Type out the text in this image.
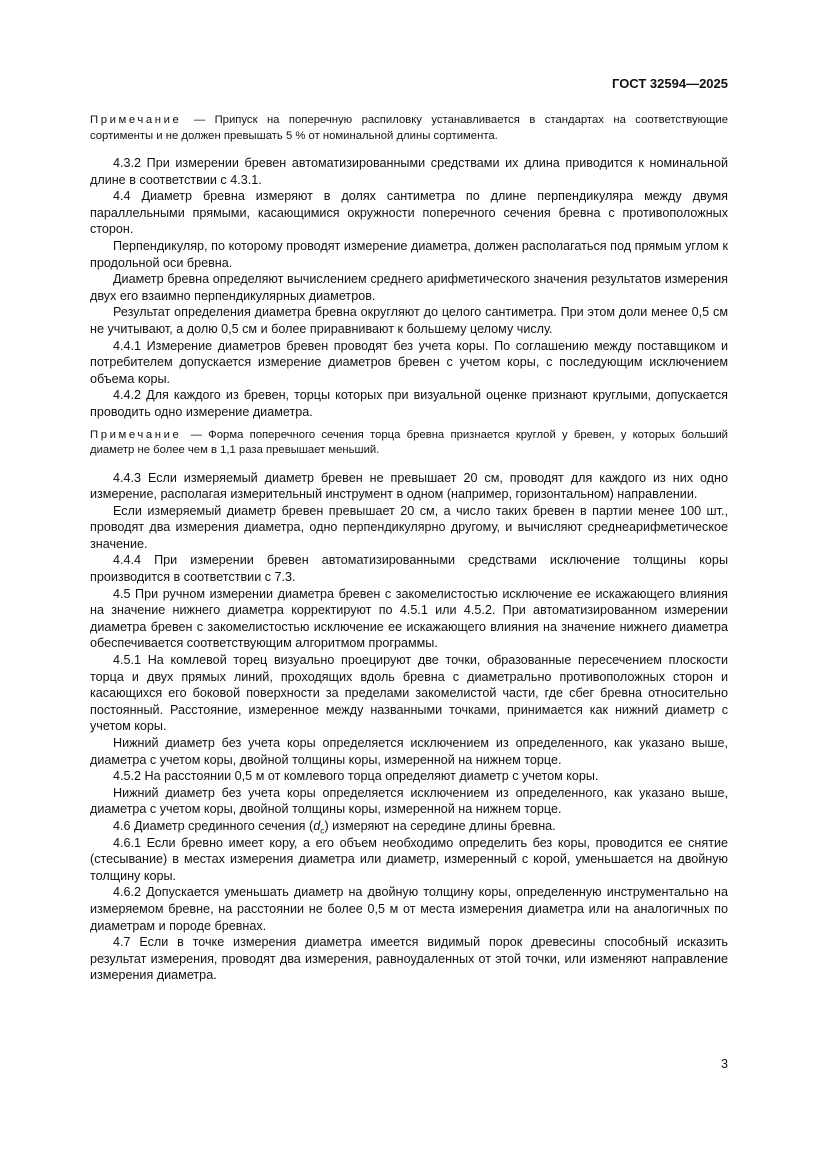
ГОСТ 32594—2025

Примечание — Припуск на поперечную распиловку устанавливается в стандартах на соответствующие сортименты и не должен превышать 5 % от номинальной длины сортимента.

4.3.2 При измерении бревен автоматизированными средствами их длина приводится к номинальной длине в соответствии с 4.3.1.

4.4 Диаметр бревна измеряют в долях сантиметра по длине перпендикуляра между двумя параллельными прямыми, касающимися окружности поперечного сечения бревна с противоположных сторон.

Перпендикуляр, по которому проводят измерение диаметра, должен располагаться под прямым углом к продольной оси бревна.

Диаметр бревна определяют вычислением среднего арифметического значения результатов измерения двух его взаимно перпендикулярных диаметров.

Результат определения диаметра бревна округляют до целого сантиметра. При этом доли менее 0,5 см не учитывают, а долю 0,5 см и более приравнивают к большему целому числу.

4.4.1 Измерение диаметров бревен проводят без учета коры. По соглашению между поставщиком и потребителем допускается измерение диаметров бревен с учетом коры, с последующим исключением объема коры.

4.4.2 Для каждого из бревен, торцы которых при визуальной оценке признают круглыми, допускается проводить одно измерение диаметра.

Примечание — Форма поперечного сечения торца бревна признается круглой у бревен, у которых больший диаметр не более чем в 1,1 раза превышает меньший.

4.4.3 Если измеряемый диаметр бревен не превышает 20 см, проводят для каждого из них одно измерение, располагая измерительный инструмент в одном (например, горизонтальном) направлении.

Если измеряемый диаметр бревен превышает 20 см, а число таких бревен в партии менее 100 шт., проводят два измерения диаметра, одно перпендикулярно другому, и вычисляют среднеарифметическое значение.

4.4.4 При измерении бревен автоматизированными средствами исключение толщины коры производится в соответствии с 7.3.

4.5 При ручном измерении диаметра бревен с закомелистостью исключение ее искажающего влияния на значение нижнего диаметра корректируют по 4.5.1 или 4.5.2. При автоматизированном измерении диаметра бревен с закомелистостью исключение ее искажающего влияния на значение нижнего диаметра обеспечивается соответствующим алгоритмом программы.

4.5.1 На комлевой торец визуально проецируют две точки, образованные пересечением плоскости торца и двух прямых линий, проходящих вдоль бревна с диаметрально противоположных сторон и касающихся его боковой поверхности за пределами закомелистой части, где сбег бревна относительно постоянный. Расстояние, измеренное между названными точками, принимается как нижний диаметр с учетом коры.

Нижний диаметр без учета коры определяется исключением из определенного, как указано выше, диаметра с учетом коры, двойной толщины коры, измеренной на нижнем торце.

4.5.2 На расстоянии 0,5 м от комлевого торца определяют диаметр с учетом коры.

Нижний диаметр без учета коры определяется исключением из определенного, как указано выше, диаметра с учетом коры, двойной толщины коры, измеренной на нижнем торце.

4.6 Диаметр срединного сечения $(d_c)$ измеряют на середине длины бревна.

4.6.1 Если бревно имеет кору, а его объем необходимо определить без коры, проводится ее снятие (стесывание) в местах измерения диаметра или диаметр, измеренный с корой, уменьшается на двойную толщину коры.

4.6.2 Допускается уменьшать диаметр на двойную толщину коры, определенную инструментально на измеряемом бревне, на расстоянии не более 0,5 м от места измерения диаметра или на аналогичных по диаметрам и породе бревнах.

4.7 Если в точке измерения диаметра имеется видимый порок древесины способный исказить результат измерения, проводят два измерения, равноудаленных от этой точки, или изменяют направление измерения диаметра.

3
